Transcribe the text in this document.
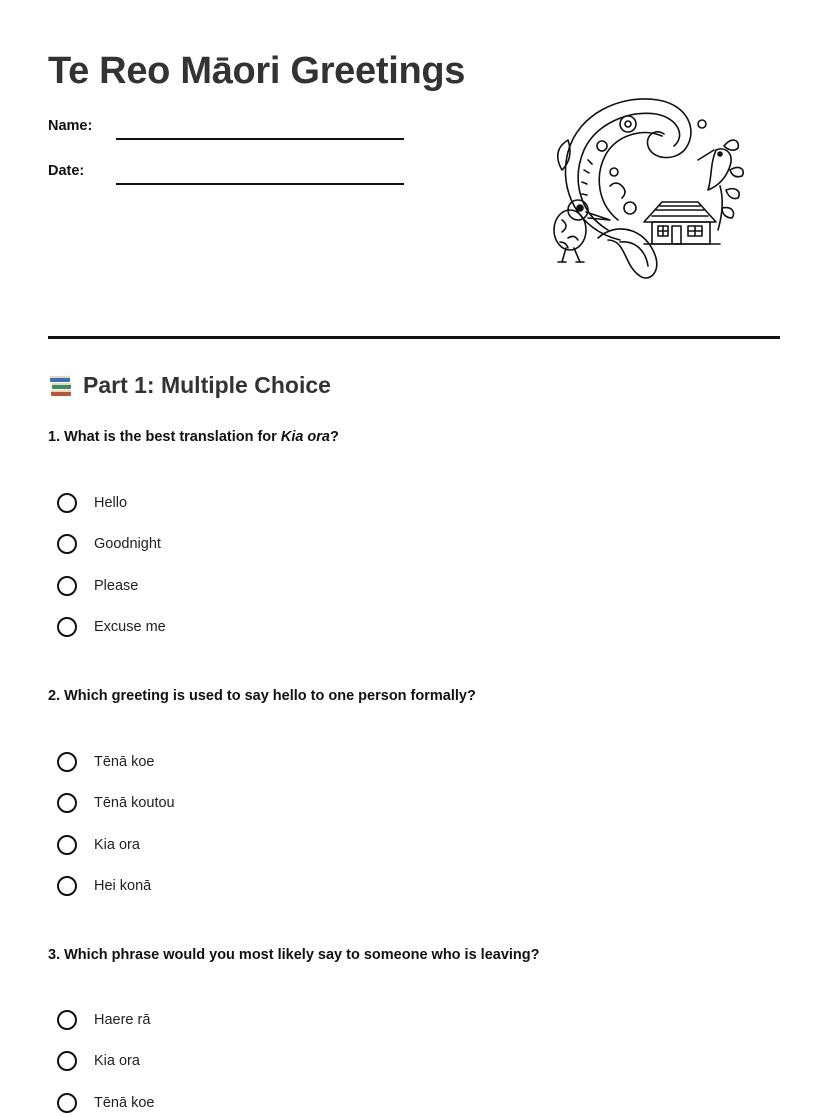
Te Reo Māori Greetings
Name:
Date:
Part 1: Multiple Choice
1. What is the best translation for Kia ora?
Hello
Goodnight
Please
Excuse me
2. Which greeting is used to say hello to one person formally?
Tēnā koe
Tēnā koutou
Kia ora
Hei konā
3. Which phrase would you most likely say to someone who is leaving?
Haere rā
Kia ora
Tēnā koe
